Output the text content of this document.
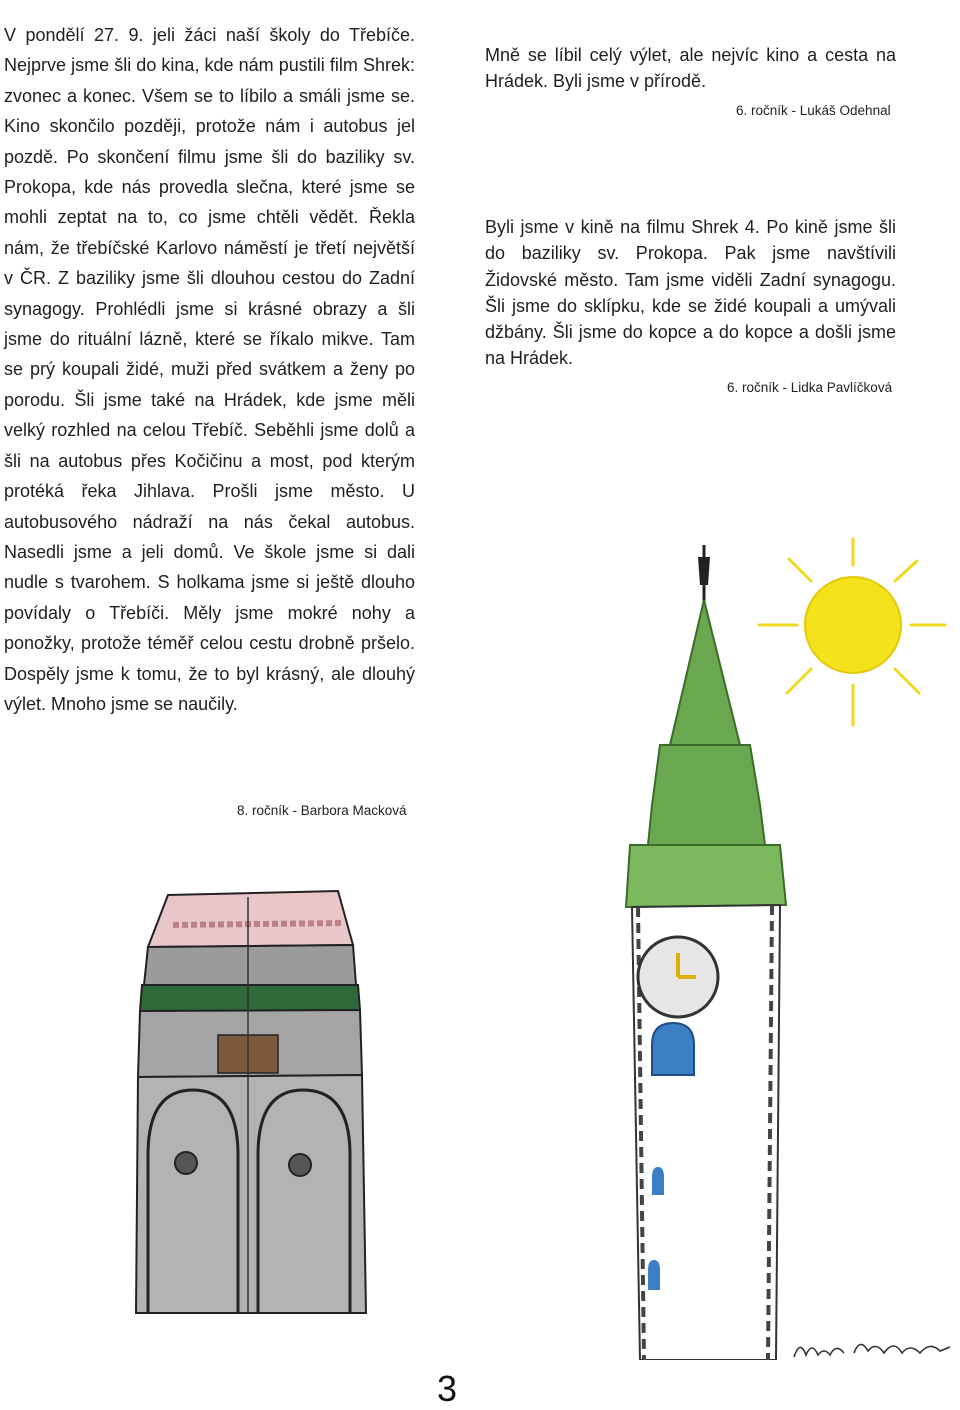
V pondělí 27. 9. jeli žáci naší školy do Třebíče. Nejprve jsme šli do kina, kde nám pustili film Shrek: zvonec a konec. Všem se to líbilo a smáli jsme se. Kino skončilo později, protože nám i autobus jel pozdě. Po skončení filmu jsme šli do baziliky sv. Prokopa, kde nás provedla slečna, které jsme se mohli zeptat na to, co jsme chtěli vědět. Řekla nám, že třebíčské Karlovo náměstí je třetí největší v ČR. Z baziliky jsme šli dlouhou cestou do Zadní synagogy. Prohlédli jsme si krásné obrazy a šli jsme do rituální lázně, které se říkalo mikve. Tam se prý koupali židé, muži před svátkem a ženy po porodu. Šli jsme také na Hrádek, kde jsme měli velký rozhled na celou Třebíč. Seběhli jsme dolů a šli na autobus přes Kočičinu a most, pod kterým protéká řeka Jihlava. Prošli jsme město. U autobusového nádraží na nás čekal autobus. Nasedli jsme a jeli domů. Ve škole jsme si dali nudle s tvarohem. S holkama jsme si ještě dlouho povídaly o Třebíči. Měly jsme mokré nohy a ponožky, protože téměř celou cestu drobně pršelo. Dospěly jsme k tomu, že to byl krásný, ale dlouhý výlet. Mnoho jsme se naučily.

8. ročník - Barbora Macková

Mně se líbil celý výlet, ale nejvíc kino a cesta na Hrádek. Byli jsme v přírodě.

6. ročník - Lukáš Odehnal

Byli jsme v kině na filmu Shrek 4. Po kině jsme šli do baziliky sv. Prokopa. Pak jsme navštívili Židovské město. Tam jsme viděli Zadní synagogu. Šli jsme do sklípku, kde se židé koupali a umývali džbány. Šli jsme do kopce a do kopce a došli jsme na Hrádek.

6. ročník - Lidka Pavlíčková
3
